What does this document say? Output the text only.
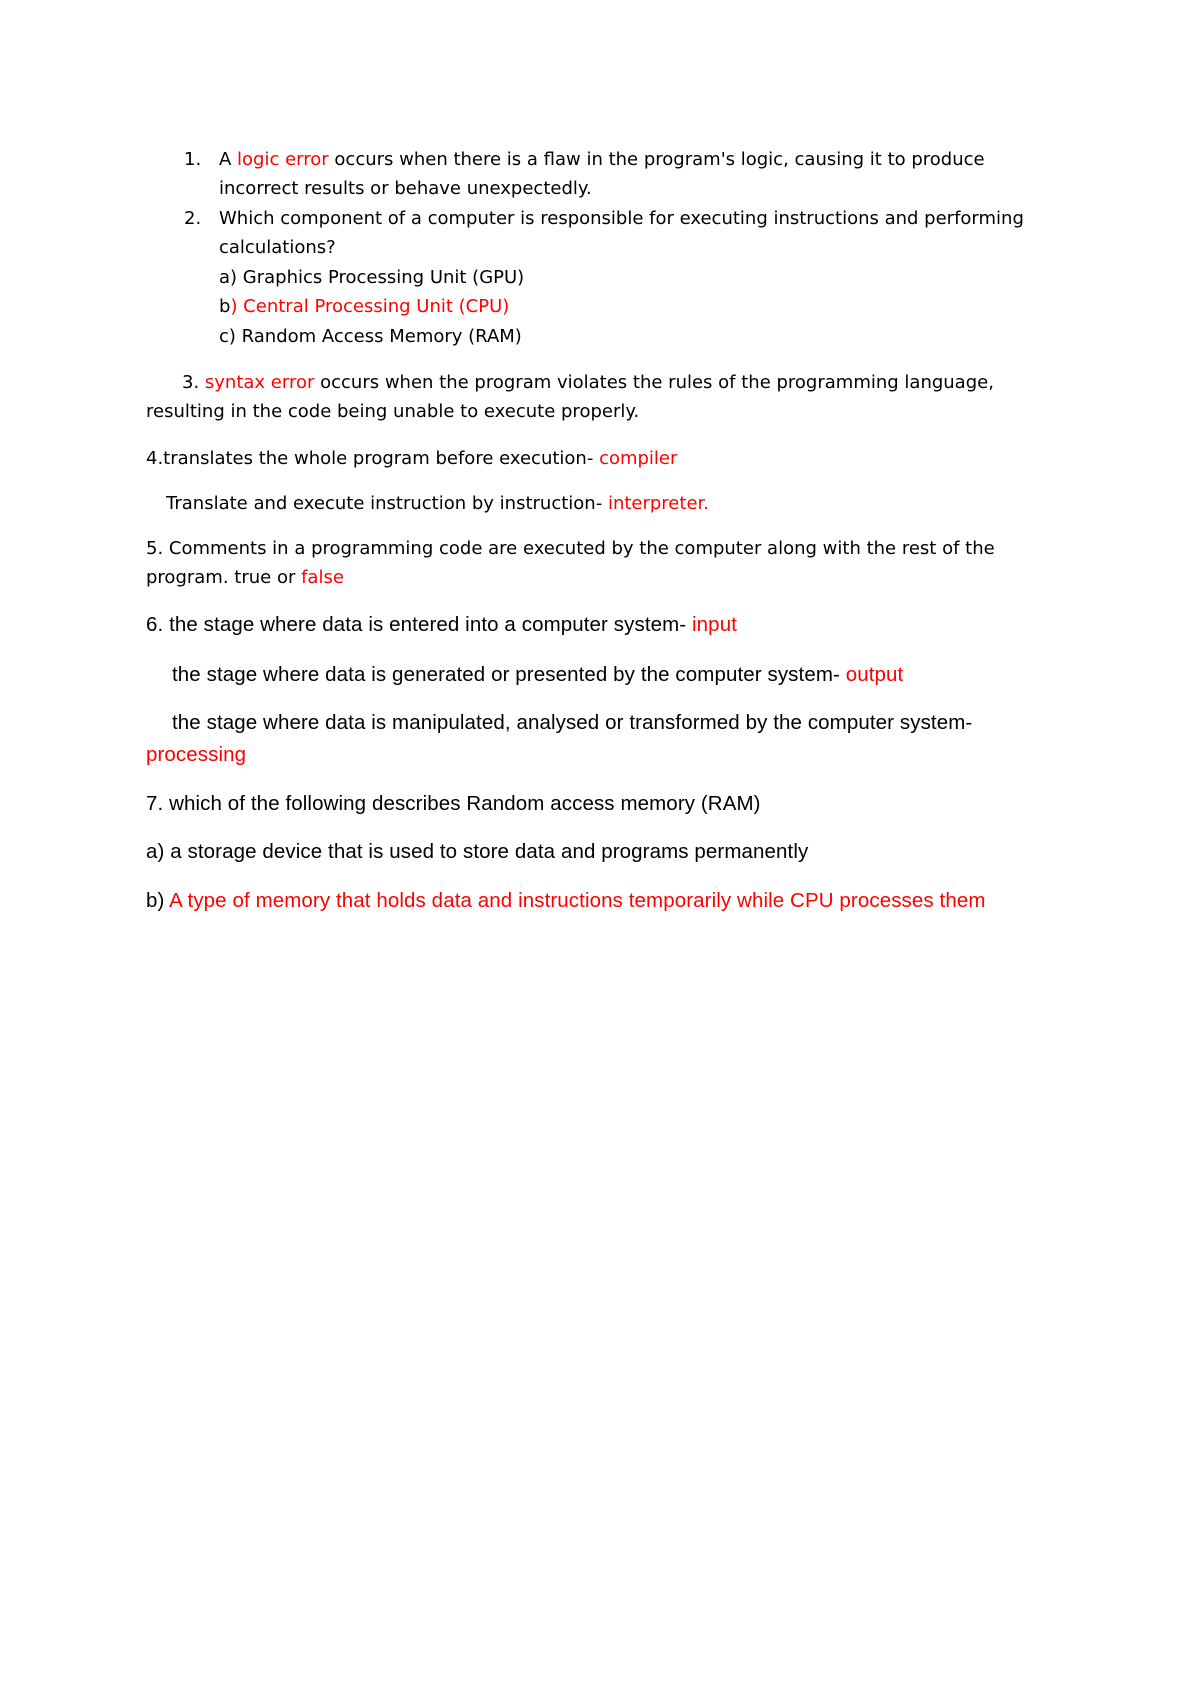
1. A logic error occurs when there is a flaw in the program's logic, causing it to produce
incorrect results or behave unexpectedly.
2. Which component of a computer is responsible for executing instructions and performing
calculations?
a) Graphics Processing Unit (GPU)
b) Central Processing Unit (CPU)
c) Random Access Memory (RAM)
3. syntax error occurs when the program violates the rules of the programming language,
resulting in the code being unable to execute properly.
4.translates the whole program before execution- compiler
Translate and execute instruction by instruction- interpreter.
5. Comments in a programming code are executed by the computer along with the rest of the
program. true or false
6. the stage where data is entered into a computer system- input
the stage where data is generated or presented by the computer system- output
the stage where data is manipulated, analysed or transformed by the computer system-
processing
7. which of the following describes Random access memory (RAM)
a) a storage device that is used to store data and programs permanently
b) A type of memory that holds data and instructions temporarily while CPU processes them
